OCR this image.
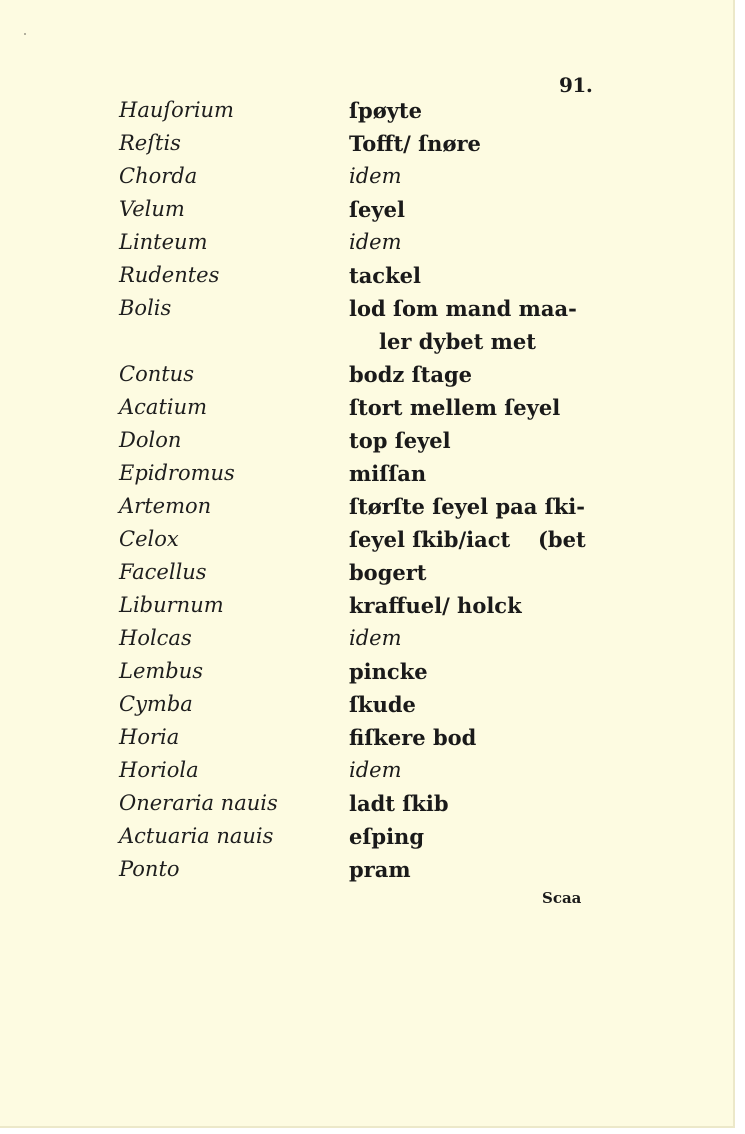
91.
Hauſorium	ſpøyte
Reſtis	Tofft/ ſnøre
Chorda	idem
Velum	ſeyel
Linteum	idem
Rudentes	tackel
Bolis	lod ſom mand maa-
ler dybet met
Contus	bodz ſtage
Acatium	ſtort mellem ſeyel
Dolon	top ſeyel
Epidromus	miſſan
Artemon	ſtørſte ſeyel paa ſki-
Celox	ſeyel ſkib/iact (bet
Facellus	bogert
Liburnum	kraffuel/ holck
Holcas	idem
Lembus	pincke
Cymba	ſkude
Horia	fiſkere bod
Horiola	idem
Oneraria nauis	ladt ſkib
Actuaria nauis	eſping
Ponto	pram
Scaa
